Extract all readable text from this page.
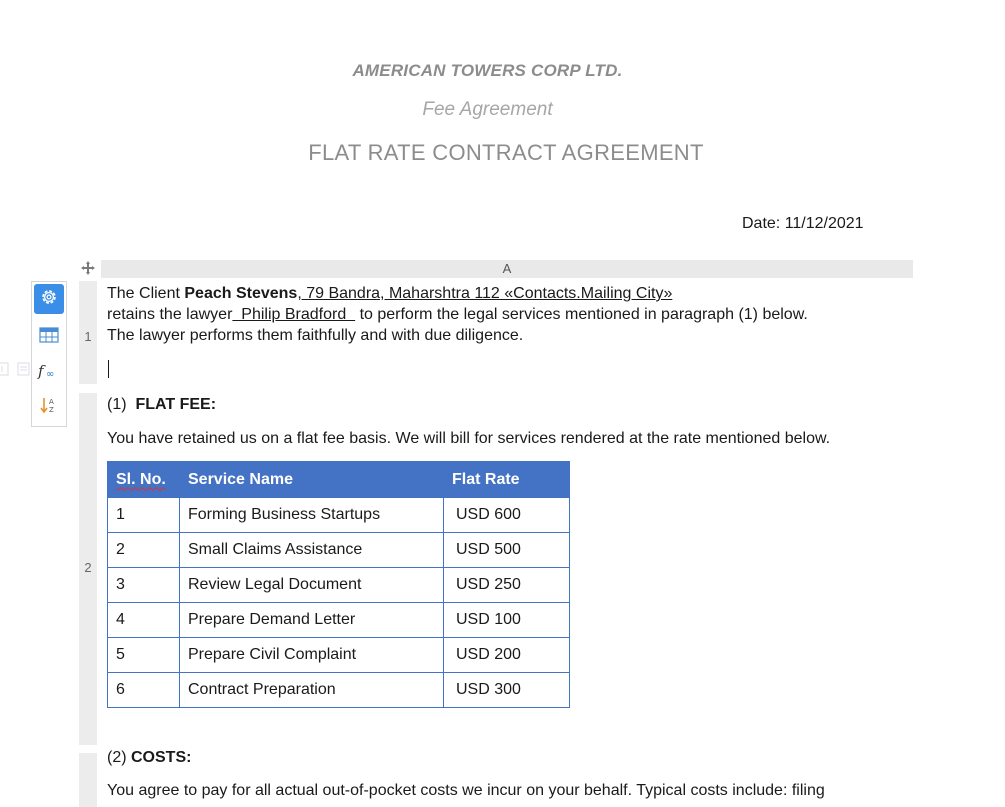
AMERICAN TOWERS CORP LTD.
Fee Agreement
FLAT RATE CONTRACT AGREEMENT
Date: 11/12/2021
A
1
2
f ∞
A
Z
The Client Peach Stevens, 79 Bandra, Maharshtra 112 «Contacts.Mailing City»
retains the lawyer  Philip Bradford   to perform the legal services mentioned in paragraph (1) below.
The lawyer performs them faithfully and with due diligence.
(1)  FLAT FEE:
You have retained us on a flat fee basis. We will bill for services rendered at the rate mentioned below.
Sl. No.	Service Name	Flat Rate
1	Forming Business Startups	USD 600
2	Small Claims Assistance	USD 500
3	Review Legal Document	USD 250
4	Prepare Demand Letter	USD 100
5	Prepare Civil Complaint	USD 200
6	Contract Preparation	USD 300
(2) COSTS:
You agree to pay for all actual out-of-pocket costs we incur on your behalf. Typical costs include: filing
